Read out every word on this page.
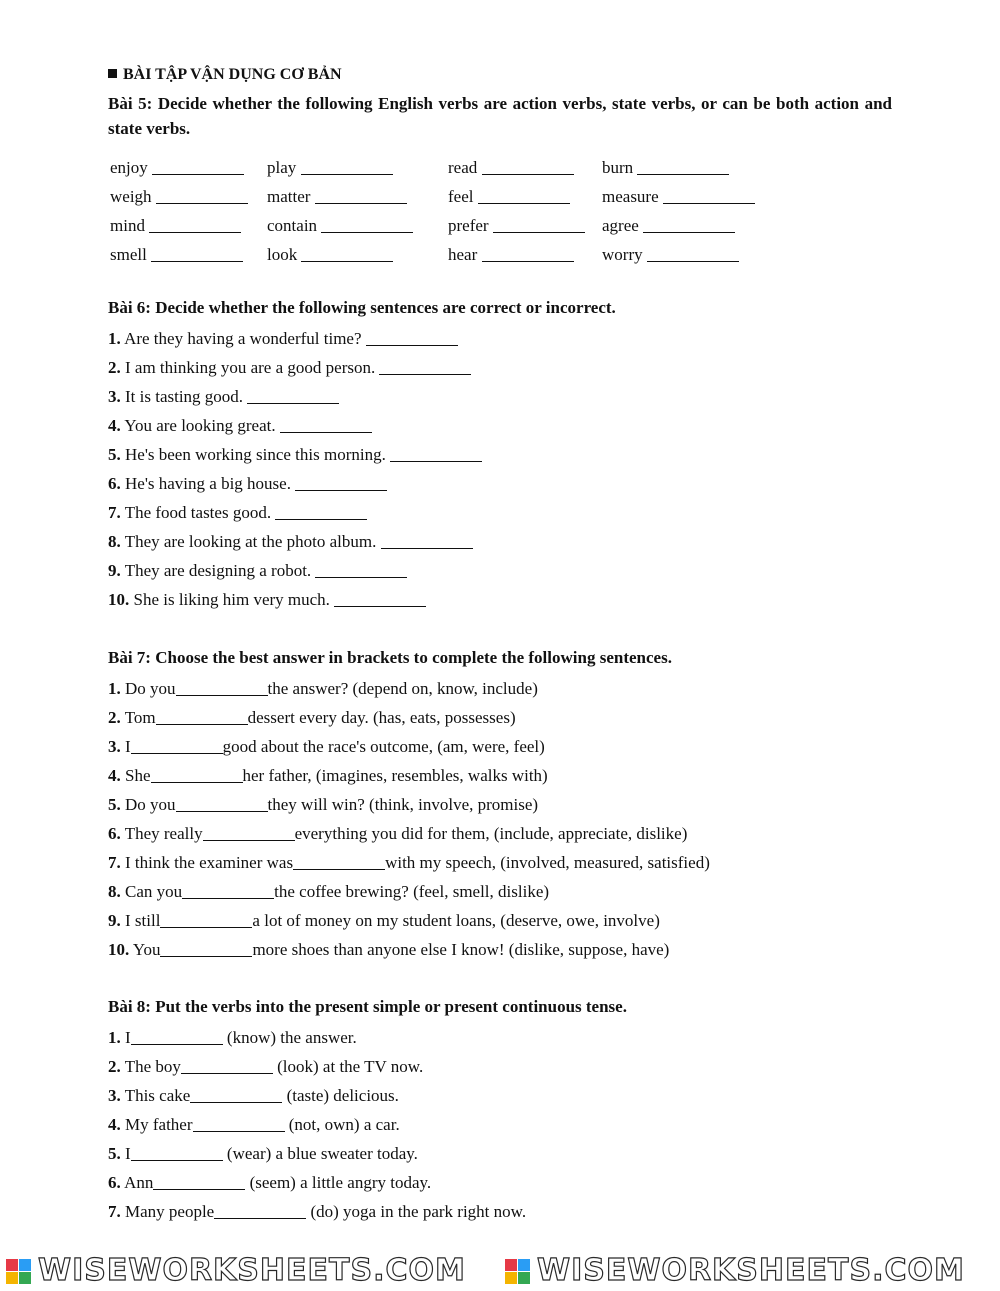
BÀI TẬP VẬN DỤNG CƠ BẢN
Bài 5: Decide whether the following English verbs are action verbs, state verbs, or can be both action and state verbs.
enjoy	play	read	burn
weigh	matter	feel	measure
mind	contain	prefer	agree
smell	look	hear	worry
Bài 6: Decide whether the following sentences are correct or incorrect.
1. Are they having a wonderful time?
2. I am thinking you are a good person.
3. It is tasting good.
4. You are looking great.
5. He's been working since this morning.
6. He's having a big house.
7. The food tastes good.
8. They are looking at the photo album.
9. They are designing a robot.
10. She is liking him very much.
Bài 7: Choose the best answer in brackets to complete the following sentences.
1. Do you	the answer? (depend on, know, include)
2. Tom	dessert every day. (has, eats, possesses)
3. I	good about the race's outcome, (am, were, feel)
4. She	her father, (imagines, resembles, walks with)
5. Do you	they will win? (think, involve, promise)
6. They really	everything you did for them, (include, appreciate, dislike)
7. I think the examiner was	with my speech, (involved, measured, satisfied)
8. Can you	the coffee brewing? (feel, smell, dislike)
9. I still	a lot of money on my student loans, (deserve, owe, involve)
10. You	more shoes than anyone else I know! (dislike, suppose, have)
Bài 8: Put the verbs into the present simple or present continuous tense.
1. I	(know) the answer.
2. The boy	(look) at the TV now.
3. This cake	(taste) delicious.
4. My father	(not, own) a car.
5. I	(wear) a blue sweater today.
6. Ann	(seem) a little angry today.
7. Many people	(do) yoga in the park right now.
WISEWORKSHEETS.COM WISEWORKSHEETS.COM
